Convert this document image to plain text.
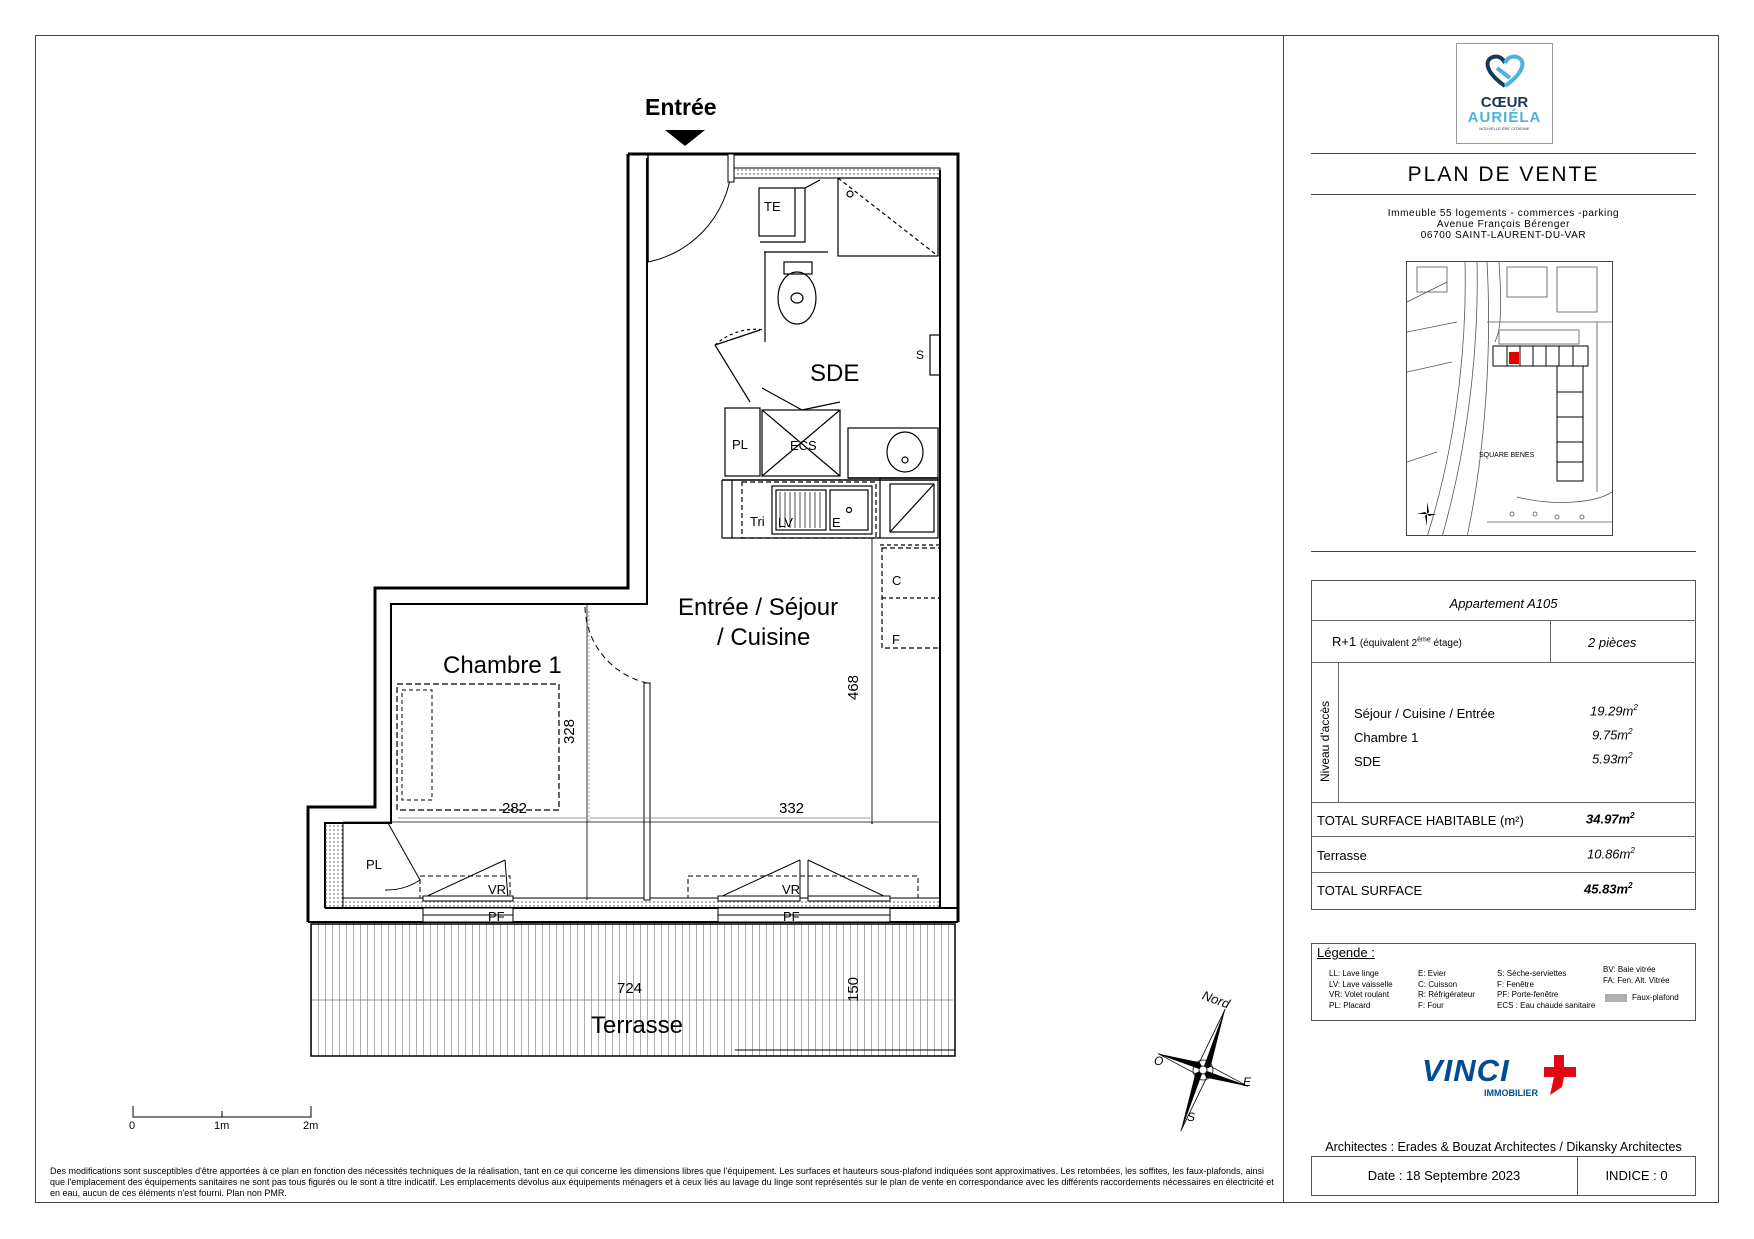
Entrée
SDE
Entrée / Séjour
/ Cuisine
Chambre 1
Terrasse
TE
S
PL	ECS
Tri LV	E
C
F
PL
VR	VR
PF	PF
328
468
282	332
724	150
0	1m	2m
Nord
O
E
S
Des modifications sont susceptibles d'être apportées à ce plan en fonction des nécessités techniques de la réalisation, tant en ce qui concerne les dimensions libres que l'équipement. Les surfaces et hauteurs sous-plafond indiquées sont approximatives. Les retombées, les soffites, les faux-plafonds, ainsi que l'emplacement des équipements sanitaires ne sont pas tous figurés ou le sont à titre indicatif. Les emplacements dévolus aux équipements ménagers et à ceux liés au lavage du linge sont représentés sur le plan de vente en correspondance avec les différents raccordements nécessaires en électricité et en eau, aucun de ces éléments n'est fourni. Plan non PMR.
CŒUR
AURIÉLA
NOUVELLE ÈRE CITADINE
PLAN DE VENTE
Immeuble 55 logements - commerces -parking
Avenue François Bérenger
06700 SAINT-LAURENT-DU-VAR
SQUARE BENES
Appartement A105
R+1 (équivalent 2ème étage)	2 pièces
Niveau d'accès Séjour / Cuisine / Entrée	$19.29m^2$
Chambre 1	$9.75m^2$
SDE	$5.93m^2$
TOTAL SURFACE HABITABLE (m²)	$34.97m^2$
Terrasse	$10.86m^2$
TOTAL SURFACE	$45.83m^2$
Légende :
LL: Lave linge
LV: Lave vaisselle
VR: Volet roulant
PL: Placard
E: Evier
C: Cuisson
R: Réfrigérateur
F: Four
S: Sèche-serviettes
F: Fenêtre
PF: Porte-fenêtre
ECS : Eau chaude sanitaire
BV: Baie vitrée
FA: Fen. Alt. Vitrée
Faux-plafond
VINCI
IMMOBILIER
Architectes : Erades & Bouzat Architectes / Dikansky Architectes
Date : 18 Septembre 2023	INDICE : 0
